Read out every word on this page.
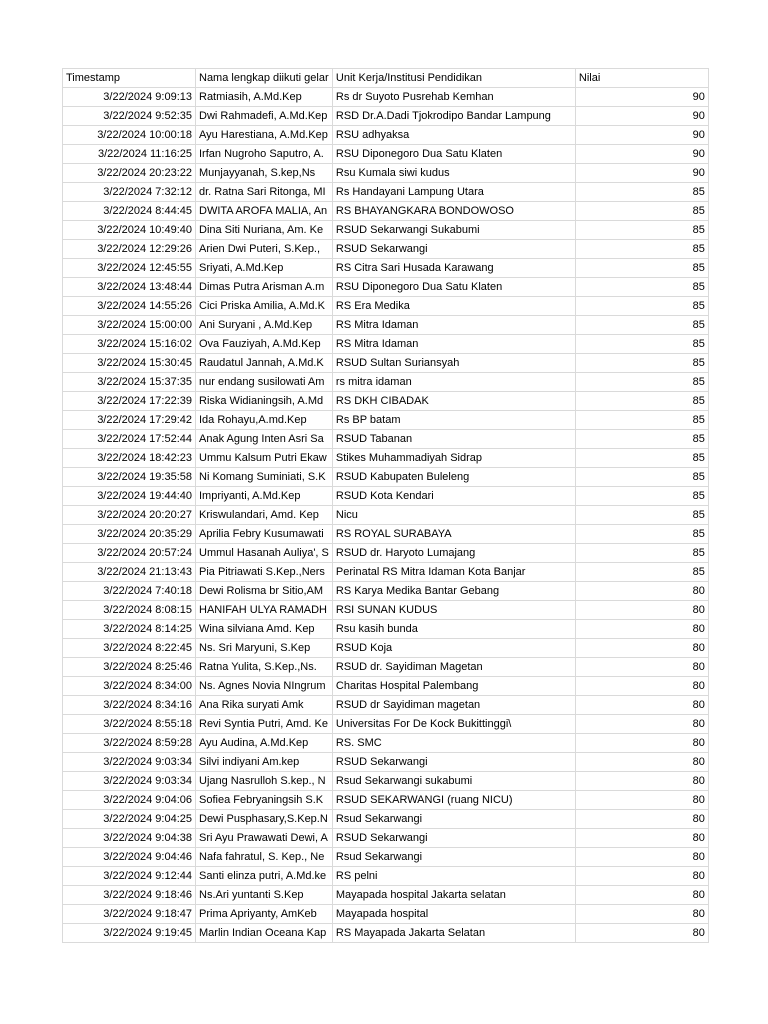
Timestamp	Nama lengkap diikuti gelar	Unit Kerja/Institusi Pendidikan	Nilai
3/22/2024 9:09:13	Ratmiasih, A.Md.Kep	Rs dr Suyoto Pusrehab Kemhan	90
3/22/2024 9:52:35	Dwi Rahmadefi, A.Md.Kep	RSD Dr.A.Dadi Tjokrodipo Bandar Lampung	90
3/22/2024 10:00:18	Ayu Harestiana, A.Md.Kep	RSU adhyaksa	90
3/22/2024 11:16:25	Irfan Nugroho Saputro, A.	RSU Diponegoro Dua Satu Klaten	90
3/22/2024 20:23:22	Munjayyanah, S.kep,Ns	Rsu Kumala siwi kudus	90
3/22/2024 7:32:12	dr. Ratna Sari Ritonga, MI	Rs Handayani Lampung Utara	85
3/22/2024 8:44:45	DWITA AROFA MALIA, An	RS BHAYANGKARA BONDOWOSO	85
3/22/2024 10:49:40	Dina Siti Nuriana, Am. Ke	RSUD Sekarwangi Sukabumi	85
3/22/2024 12:29:26	Arien Dwi Puteri, S.Kep.,	RSUD Sekarwangi	85
3/22/2024 12:45:55	Sriyati, A.Md.Kep	RS Citra Sari Husada Karawang	85
3/22/2024 13:48:44	Dimas Putra Arisman A.m	RSU Diponegoro Dua Satu Klaten	85
3/22/2024 14:55:26	Cici Priska Amilia, A.Md.K	RS Era Medika	85
3/22/2024 15:00:00	Ani Suryani , A.Md.Kep	RS Mitra Idaman	85
3/22/2024 15:16:02	Ova Fauziyah, A.Md.Kep	RS Mitra Idaman	85
3/22/2024 15:30:45	Raudatul Jannah, A.Md.K	RSUD Sultan Suriansyah	85
3/22/2024 15:37:35	nur endang susilowati Am	rs mitra idaman	85
3/22/2024 17:22:39	Riska Widianingsih, A.Md	RS DKH CIBADAK	85
3/22/2024 17:29:42	Ida Rohayu,A.md.Kep	Rs BP batam	85
3/22/2024 17:52:44	Anak Agung Inten Asri Sa	RSUD Tabanan	85
3/22/2024 18:42:23	Ummu Kalsum Putri Ekaw	Stikes Muhammadiyah Sidrap	85
3/22/2024 19:35:58	Ni Komang Suminiati, S.K	RSUD Kabupaten Buleleng	85
3/22/2024 19:44:40	Impriyanti, A.Md.Kep	RSUD Kota Kendari	85
3/22/2024 20:20:27	Kriswulandari, Amd. Kep	Nicu	85
3/22/2024 20:35:29	Aprilia Febry Kusumawati	RS ROYAL SURABAYA	85
3/22/2024 20:57:24	Ummul Hasanah Auliya', S	RSUD dr. Haryoto Lumajang	85
3/22/2024 21:13:43	Pia Pitriawati S.Kep.,Ners	Perinatal RS Mitra Idaman Kota Banjar	85
3/22/2024 7:40:18	Dewi Rolisma br Sitio,AM	RS Karya Medika Bantar Gebang	80
3/22/2024 8:08:15	HANIFAH ULYA RAMADH	RSI SUNAN KUDUS	80
3/22/2024 8:14:25	Wina silviana Amd. Kep	Rsu kasih bunda	80
3/22/2024 8:22:45	Ns. Sri Maryuni, S.Kep	RSUD Koja	80
3/22/2024 8:25:46	Ratna Yulita, S.Kep.,Ns.	RSUD dr. Sayidiman Magetan	80
3/22/2024 8:34:00	Ns. Agnes Novia NIngrum	Charitas Hospital Palembang	80
3/22/2024 8:34:16	Ana Rika suryati Amk	RSUD dr Sayidiman magetan	80
3/22/2024 8:55:18	Revi Syntia Putri, Amd. Ke	Universitas For De Kock Bukittinggi\	80
3/22/2024 8:59:28	Ayu Audina, A.Md.Kep	RS. SMC	80
3/22/2024 9:03:34	Silvi indiyani Am.kep	RSUD Sekarwangi	80
3/22/2024 9:03:34	Ujang Nasrulloh S.kep., N	Rsud Sekarwangi sukabumi	80
3/22/2024 9:04:06	Sofiea Febryaningsih S.K	RSUD SEKARWANGI (ruang NICU)	80
3/22/2024 9:04:25	Dewi Pusphasary,S.Kep.N	Rsud Sekarwangi	80
3/22/2024 9:04:38	Sri Ayu Prawawati Dewi, A	RSUD Sekarwangi	80
3/22/2024 9:04:46	Nafa fahratul, S. Kep., Ne	Rsud Sekarwangi	80
3/22/2024 9:12:44	Santi elinza putri, A.Md.ke	RS pelni	80
3/22/2024 9:18:46	Ns.Ari yuntanti S.Kep	Mayapada hospital Jakarta selatan	80
3/22/2024 9:18:47	Prima Apriyanty, AmKeb	Mayapada hospital	80
3/22/2024 9:19:45	Marlin Indian Oceana Kap	RS Mayapada Jakarta Selatan	80
